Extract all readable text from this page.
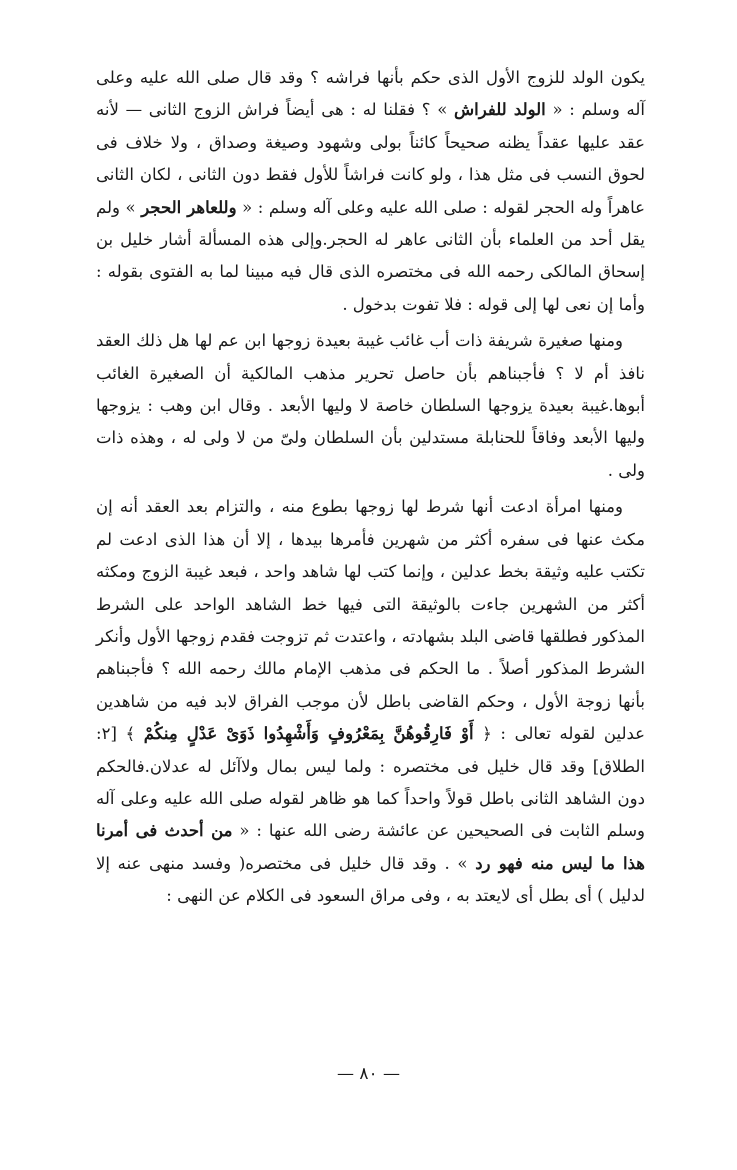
يكون الولد للزوج الأول الذى حكم بأنها فراشه ؟ وقد قال صلى الله عليه وعلى آله وسلم : « الولد للفراش » ؟ فقلنا له : هى أيضاً فراش الزوج الثانى — لأنه عقد عليها عقداً يظنه صحيحاً كائناً بولى وشهود وصيغة وصداق ، ولا خلاف فى لحوق النسب فى مثل هذا ، ولو كانت فراشاً للأول فقط دون الثانى ، لكان الثانى عاهراً وله الحجر لقوله : صلى الله عليه وعلى آله وسلم : « وللعاهر الحجر » ولم يقل أحد من العلماء بأن الثانى عاهر له الحجر.وإلى هذه المسألة أشار خليل بن إسحاق المالكى رحمه الله فى مختصره الذى قال فيه مبينا لما به الفتوى بقوله : وأما إن نعى لها إلى قوله : فلا تفوت بدخول .

ومنها صغيرة شريفة ذات أب غائب غيبة بعيدة زوجها ابن عم لها هل ذلك العقد نافذ أم لا ؟ فأجبناهم بأن حاصل تحرير مذهب المالكية أن الصغيرة الغائب أبوها.غيبة بعيدة يزوجها السلطان خاصة لا وليها الأبعد . وقال ابن وهب : يزوجها وليها الأبعد وفاقاً للحنابلة مستدلين بأن السلطان ولىّ من لا ولى له ، وهذه ذات ولى .

ومنها امرأة ادعت أنها شرط لها زوجها بطوع منه ، والتزام بعد العقد أنه إن مكث عنها فى سفره أكثر من شهرين فأمرها بيدها ، إلا أن هذا الذى ادعت لم تكتب عليه وثيقة بخط عدلين ، وإنما كتب لها شاهد واحد ، فبعد غيبة الزوج ومكثه أكثر من الشهرين جاءت بالوثيقة التى فيها خط الشاهد الواحد على الشرط المذكور فطلقها قاضى البلد بشهادته ، واعتدت ثم تزوجت فقدم زوجها الأول وأنكر الشرط المذكور أصلاً . ما الحكم فى مذهب الإمام مالك رحمه الله ؟ فأجبناهم بأنها زوجة الأول ، وحكم القاضى باطل لأن موجب الفراق لابد فيه من شاهدين عدلين لقوله تعالى : ﴿ أَوْ فَارِقُوهُنَّ بِمَعْرُوفٍ وَأَشْهِدُوا ذَوَىْ عَدْلٍ مِنكُمْ ﴾ [٢: الطلاق] وقد قال خليل فى مختصره : ولما ليس بمال ولاآئل له عدلان.فالحكم دون الشاهد الثانى باطل قولاً واحداً كما هو ظاهر لقوله صلى الله عليه وعلى آله وسلم الثابت فى الصحيحين عن عائشة رضى الله عنها : « من أحدث فى أمرنا هذا ما ليس منه فهو رد » . وقد قال خليل فى مختصره( وفسد منهى عنه إلا لدليل ) أى بطل أى لايعتد به ، وفى مراق السعود فى الكلام عن النهى :

— ٨٠ —
